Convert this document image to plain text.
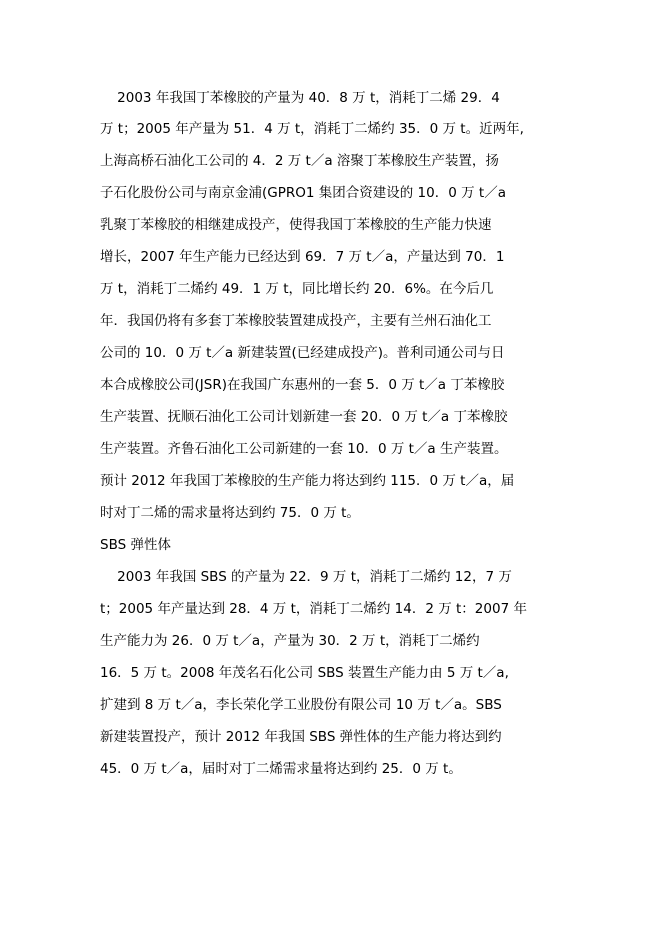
2003 年我国丁苯橡胶的产量为 40．8 万 t，消耗丁二烯 29．4
万 t；2005 年产量为 51．4 万 t，消耗丁二烯约 35．0 万 t。近两年,
上海高桥石油化工公司的 4．2 万 t／a 溶聚丁苯橡胶生产装置，扬
子石化股份公司与南京金浦(GPRO1 集团合资建设的 10．0 万 t／a
乳聚丁苯橡胶的相继建成投产，使得我国丁苯橡胶的生产能力快速
增长，2007 年生产能力已经达到 69．7 万 t／a，产量达到 70．1
万 t，消耗丁二烯约 49．1 万 t，同比增长约 20．6%。在今后几
年．我国仍将有多套丁苯橡胶装置建成投产，主要有兰州石油化工
公司的 10．0 万 t／a 新建装置(已经建成投产)。普利司通公司与日
本合成橡胶公司(JSR)在我国广东惠州的一套 5．0 万 t／a 丁苯橡胶
生产装置、抚顺石油化工公司计划新建一套 20．0 万 t／a 丁苯橡胶
生产装置。齐鲁石油化工公司新建的一套 10．0 万 t／a 生产装置。
预计 2012 年我国丁苯橡胶的生产能力将达到约 115．0 万 t／a，届
时对丁二烯的需求量将达到约 75．0 万 t。
SBS 弹性体
2003 年我国 SBS 的产量为 22．9 万 t，消耗丁二烯约 12，7 万
t；2005 年产量达到 28．4 万 t，消耗丁二烯约 14．2 万 t：2007 年
生产能力为 26．0 万 t／a，产量为 30．2 万 t，消耗丁二烯约
16．5 万 t。2008 年茂名石化公司 SBS 装置生产能力由 5 万 t／a,
扩建到 8 万 t／a，李长荣化学工业股份有限公司 10 万 t／a。SBS
新建装置投产，预计 2012 年我国 SBS 弹性体的生产能力将达到约
45．0 万 t／a，届时对丁二烯需求量将达到约 25．0 万 t。
